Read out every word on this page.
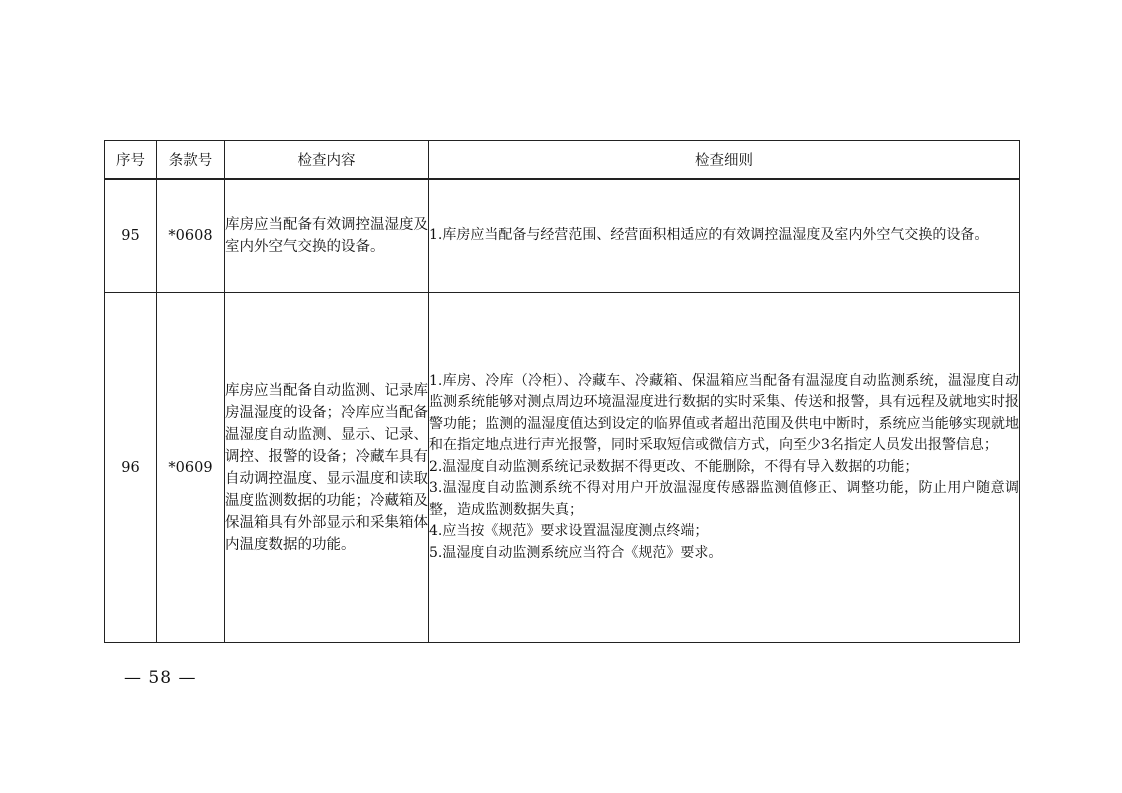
序号	条款号	检查内容	检查细则
95	*0608	库房应当配备有效调控温湿度及室内外空气交换的设备。	1.库房应当配备与经营范围、经营面积相适应的有效调控温湿度及室内外空气交换的设备。

96	*0609	库房应当配备自动监测、记录库房温湿度的设备；冷库应当配备温湿度自动监测、显示、记录、调控、报警的设备；冷藏车具有自动调控温度、显示温度和读取温度监测数据的功能；冷藏箱及保温箱具有外部显示和采集箱体内温度数据的功能。	1.库房、冷库（冷柜）、冷藏车、冷藏箱、保温箱应当配备有温湿度自动监测系统，温湿度自动监测系统能够对测点周边环境温湿度进行数据的实时采集、传送和报警，具有远程及就地实时报警功能；监测的温湿度值达到设定的临界值或者超出范围及供电中断时，系统应当能够实现就地和在指定地点进行声光报警，同时采取短信或微信方式，向至少3名指定人员发出报警信息；
2.温湿度自动监测系统记录数据不得更改、不能删除，不得有导入数据的功能；
3.温湿度自动监测系统不得对用户开放温湿度传感器监测值修正、调整功能，防止用户随意调整，造成监测数据失真；
4.应当按《规范》要求设置温湿度测点终端；
5.温湿度自动监测系统应当符合《规范》要求。
— 58 —
